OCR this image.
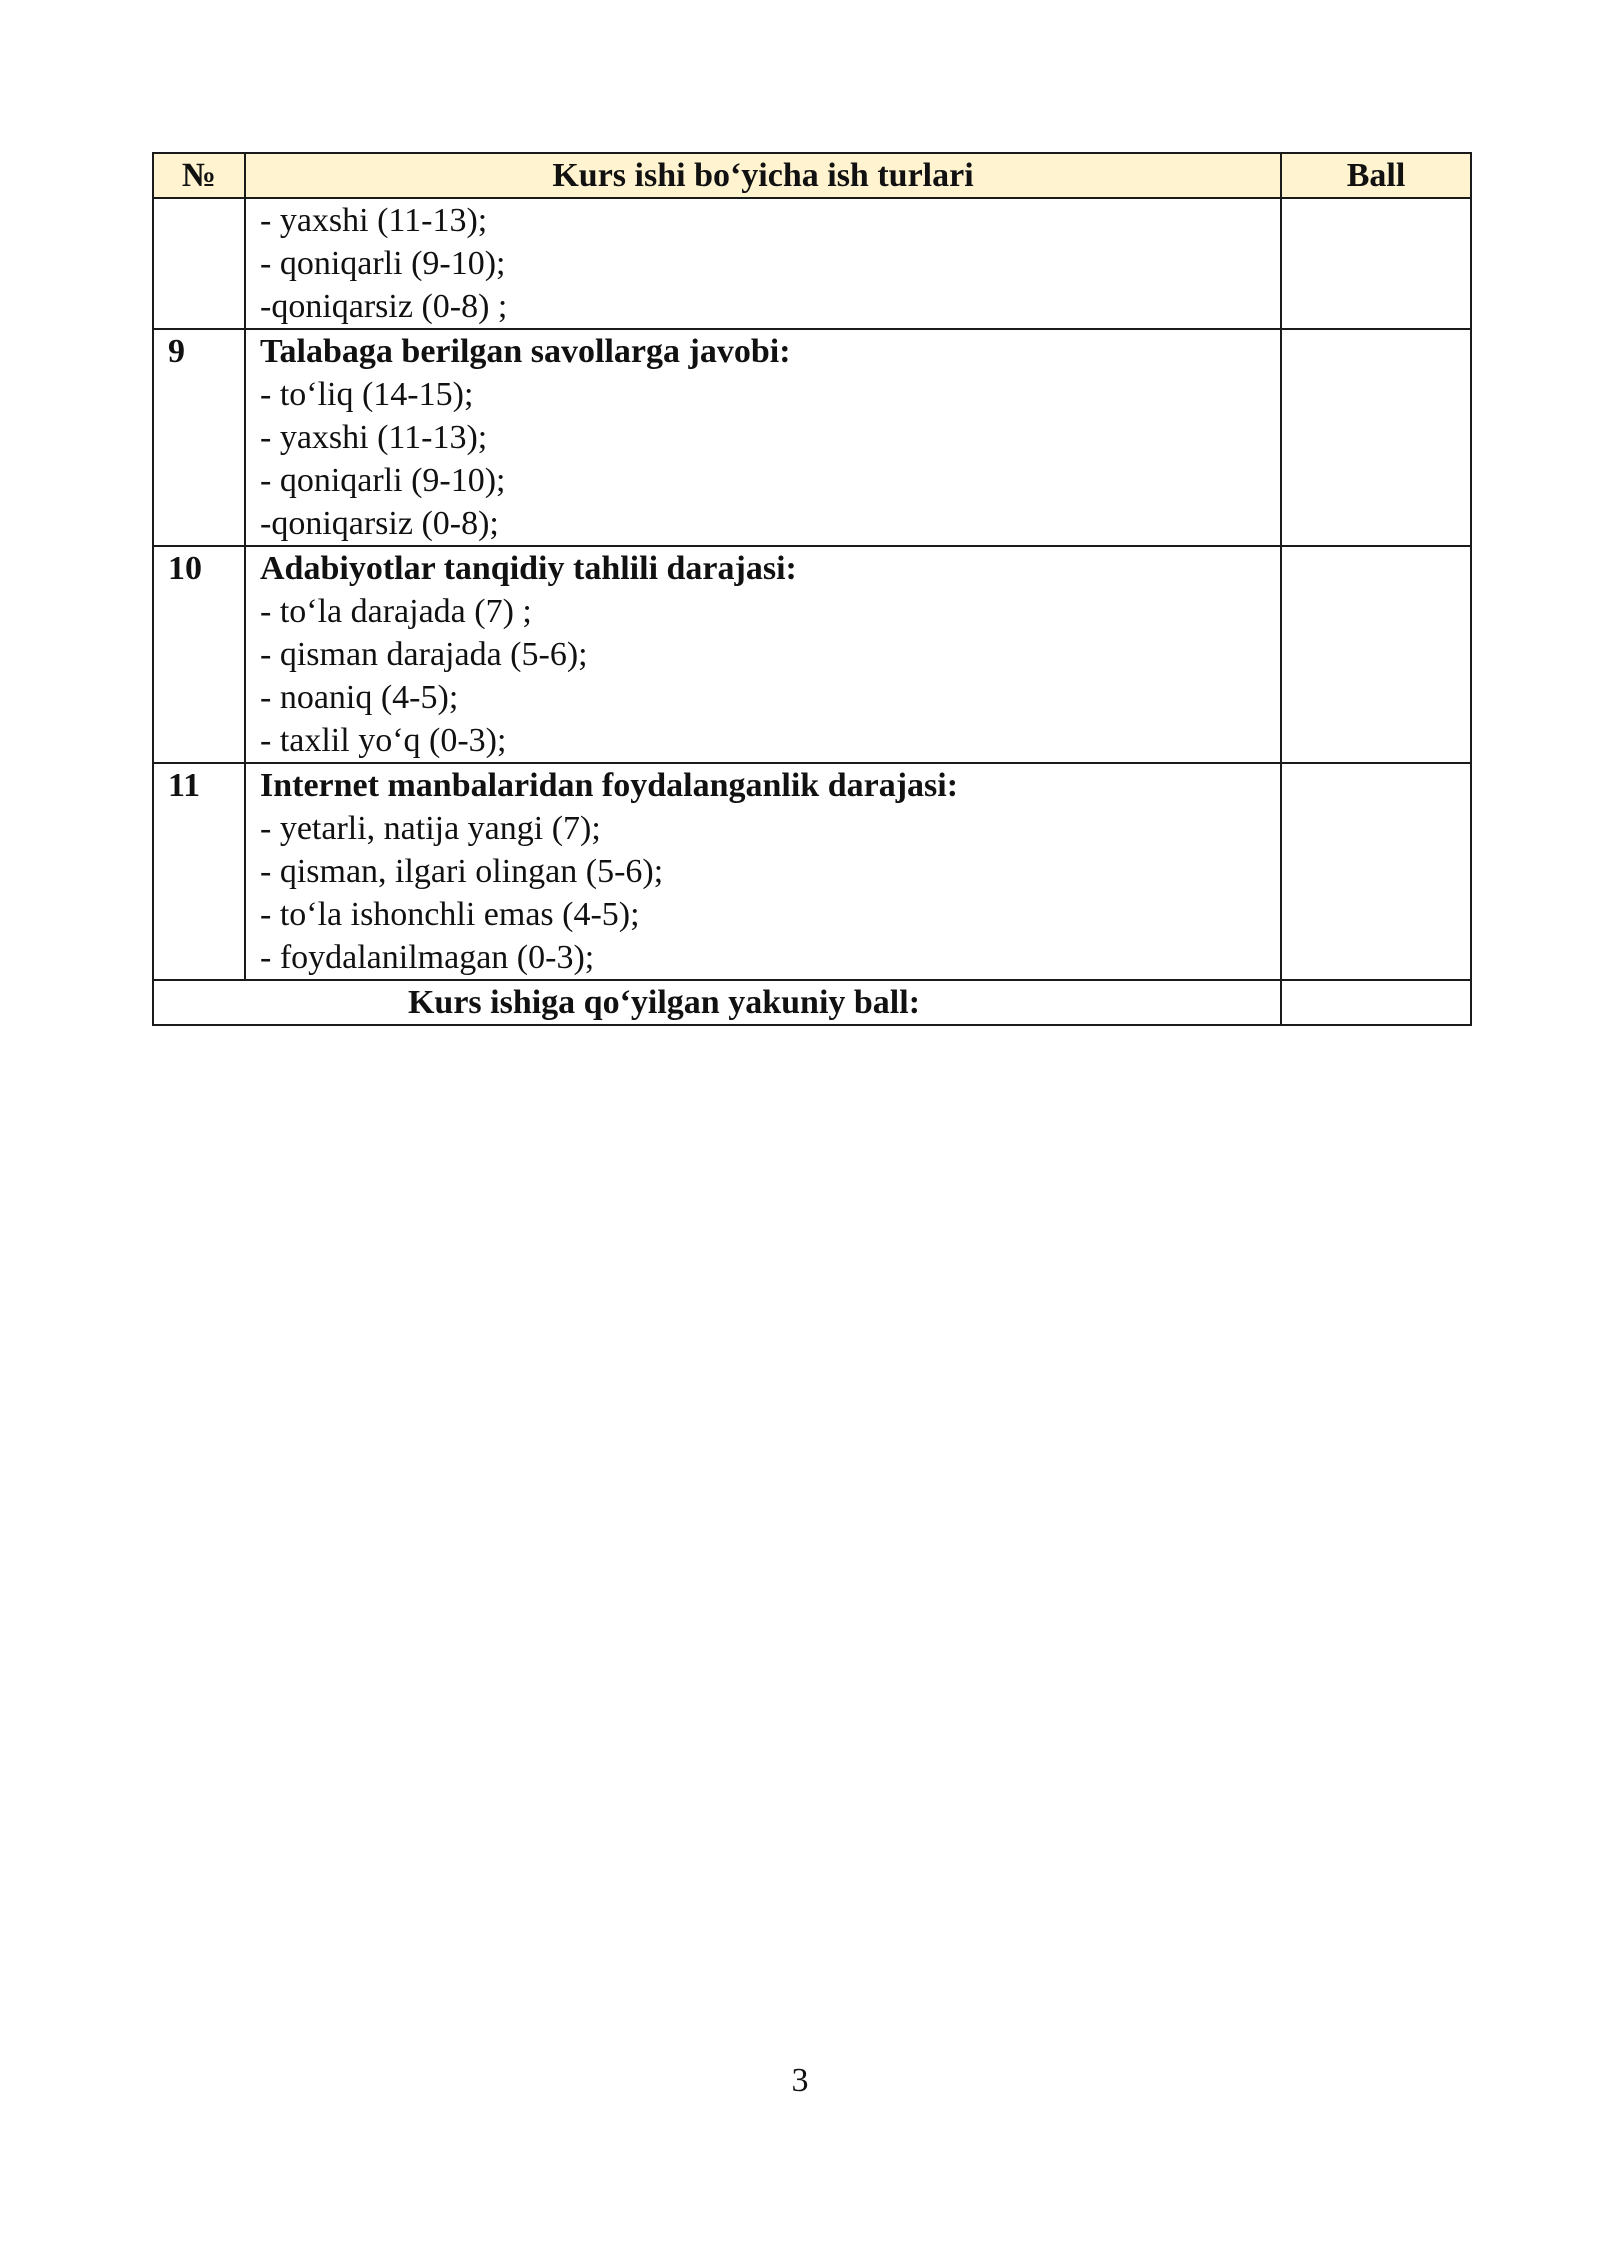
№	Kurs ishi bo‘yicha ish turlari	Ball

	- yaxshi (11-13);
- qoniqarli (9-10);
-qoniqarsiz (0-8) ;	

9	Talabaga berilgan savollarga javobi:
- to‘liq (14-15);
- yaxshi (11-13);
- qoniqarli (9-10);
-qoniqarsiz (0-8);	

10	Adabiyotlar tanqidiy tahlili darajasi:
- to‘la darajada (7) ;
- qisman darajada (5-6);
- noaniq (4-5);
- taxlil yo‘q (0-3);	

11	Internet manbalaridan foydalanganlik darajasi:
- yetarli, natija yangi (7);
- qisman, ilgari olingan (5-6);
- to‘la ishonchli emas (4-5);
- foydalanilmagan (0-3);	

Kurs ishiga qo‘yilgan yakuniy ball:		
3
